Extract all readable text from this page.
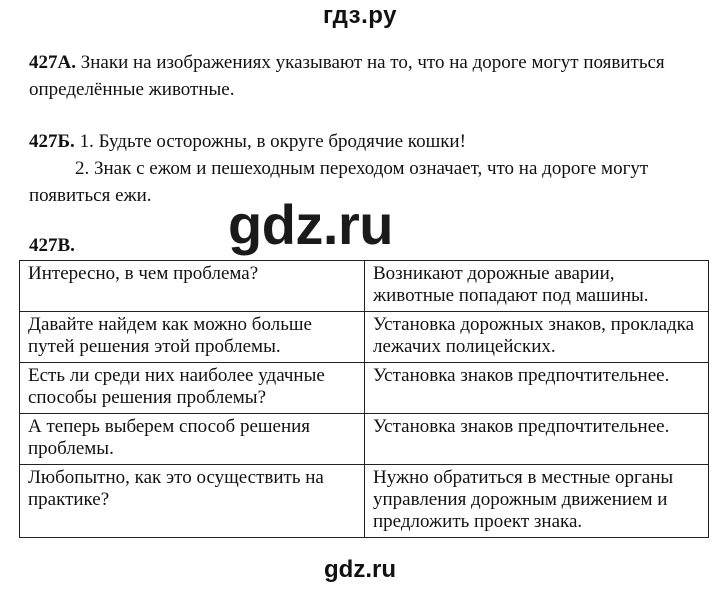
гдз.ру
427А. Знаки на изображениях указывают на то, что на дороге могут появиться определённые животные.
427Б. 1. Будьте осторожны, в округе бродячие кошки!
2. Знак с ежом и пешеходным переходом означает, что на дороге могут
появиться ежи.	gdz.ru
427В.
Интересно, в чем проблема?	Возникают дорожные аварии, животные попадают под машины.
Давайте найдем как можно больше путей решения этой проблемы.	Установка дорожных знаков, прокладка лежачих полицейских.
Есть ли среди них наиболее удачные способы решения проблемы?	Установка знаков предпочтительнее.
А теперь выберем способ решения проблемы.	Установка знаков предпочтительнее.
Любопытно, как это осуществить на практике?	Нужно обратиться в местные органы управления дорожным движением и предложить проект знака.
gdz.ru
